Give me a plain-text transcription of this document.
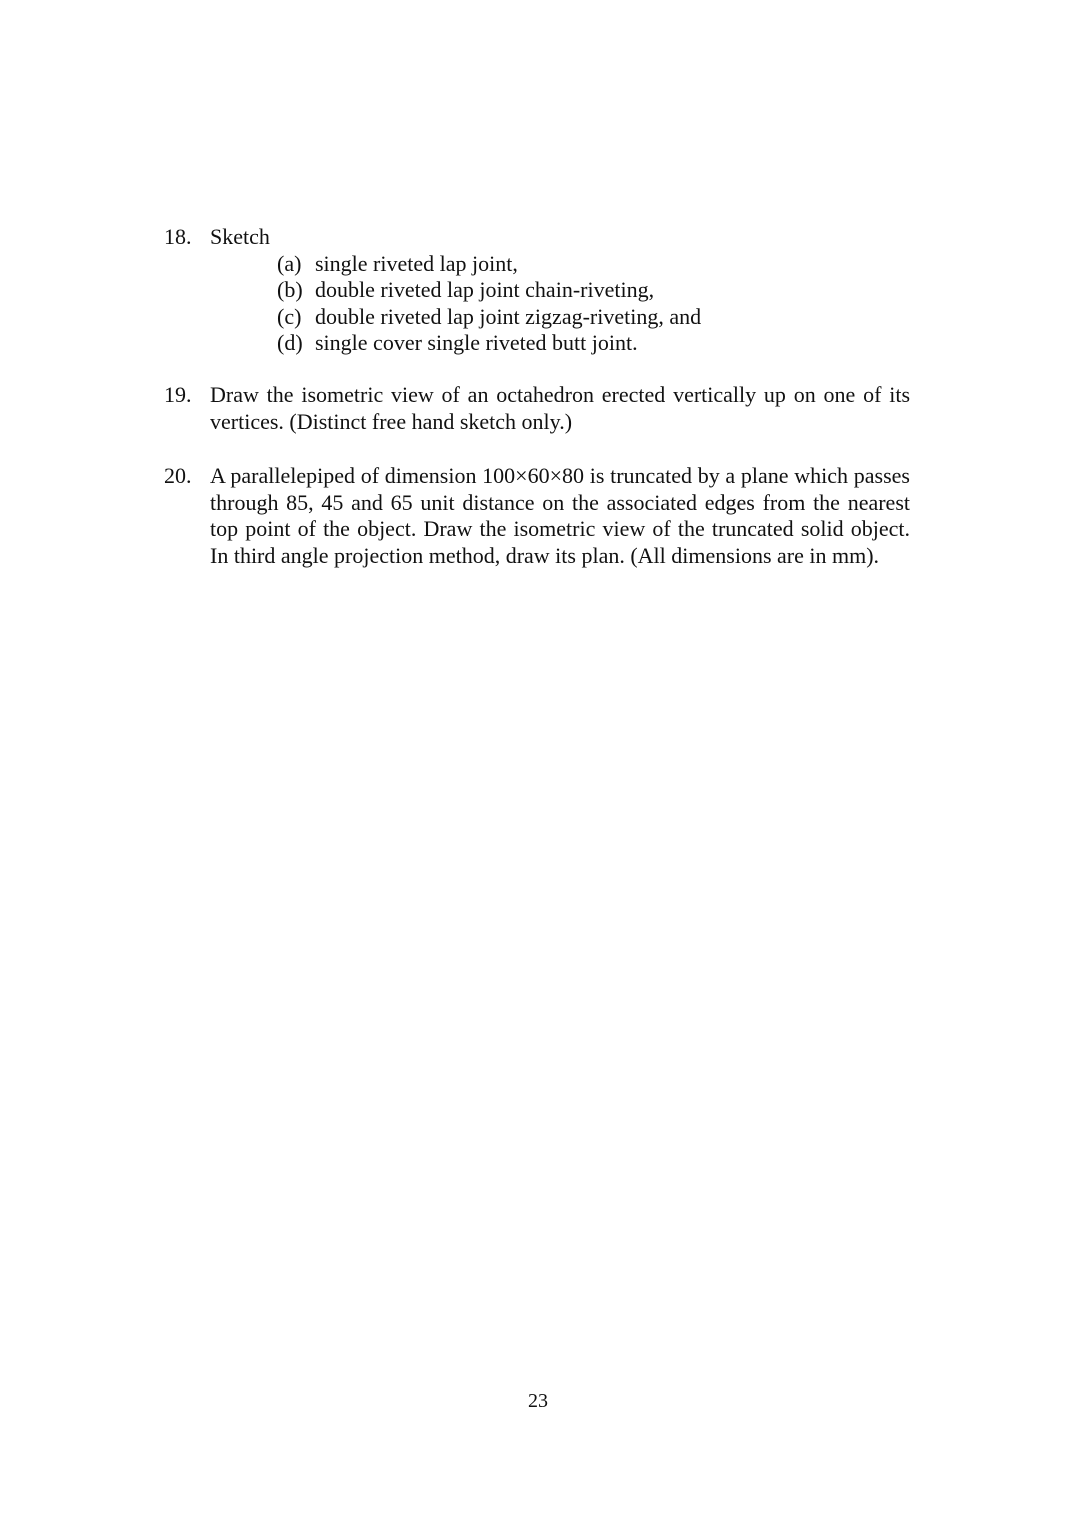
18. Sketch
(a) single riveted lap joint,
(b) double riveted lap joint chain-riveting,
(c) double riveted lap joint zigzag-riveting, and
(d) single cover single riveted butt joint.
19. Draw the isometric view of an octahedron erected vertically up on one of its vertices. (Distinct free hand sketch only.)
20. A parallelepiped of dimension 100×60×80 is truncated by a plane which passes through 85, 45 and 65 unit distance on the associated edges from the nearest top point of the object. Draw the isometric view of the truncated solid object. In third angle projection method, draw its plan. (All dimensions are in mm).
23
